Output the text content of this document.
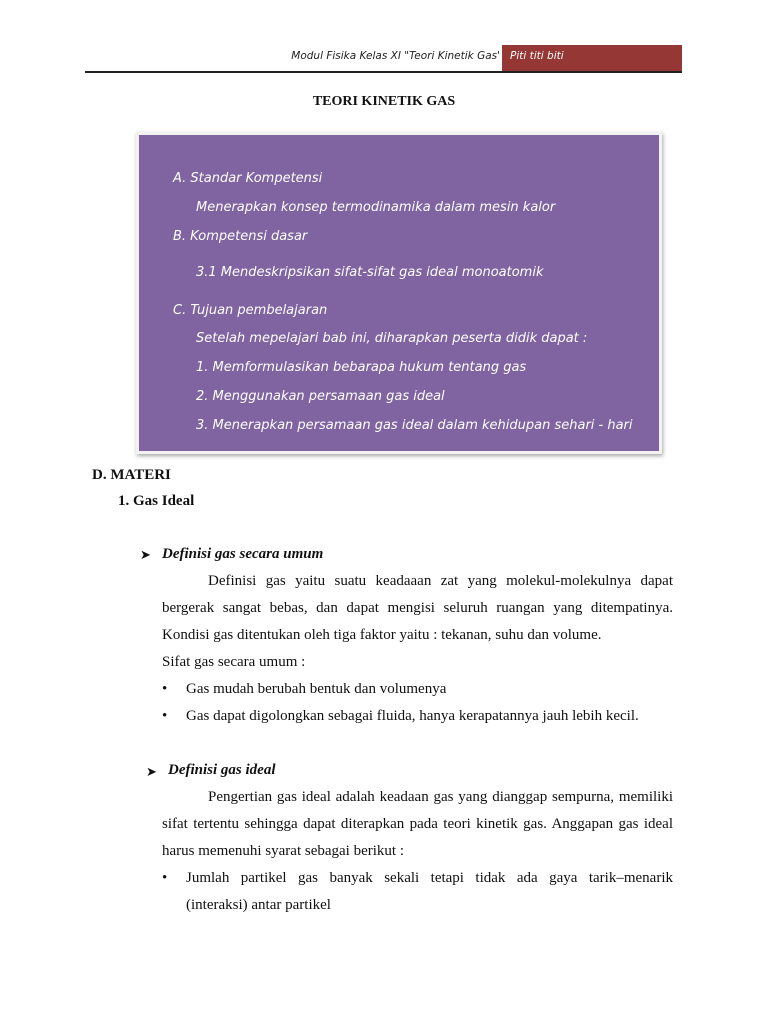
Modul Fisika Kelas XI "Teori Kinetik Gas' Piti titi biti
TEORI KINETIK GAS
A. Standar Kompetensi
Menerapkan konsep termodinamika dalam mesin kalor
B. Kompetensi dasar
3.1 Mendeskripsikan sifat-sifat gas ideal monoatomik
C. Tujuan pembelajaran
Setelah mepelajari bab ini, diharapkan peserta didik dapat :
1. Memformulasikan bebarapa hukum tentang gas
2. Menggunakan persamaan gas ideal
3. Menerapkan persamaan gas ideal dalam kehidupan sehari - hari
D. MATERI
1. Gas Ideal
➤ Definisi gas secara umum
Definisi gas yaitu suatu keadaaan zat yang molekul-molekulnya dapat bergerak sangat bebas, dan dapat mengisi seluruh ruangan yang ditempatinya. Kondisi gas ditentukan oleh tiga faktor yaitu : tekanan, suhu dan volume.
Sifat gas secara umum :
• Gas mudah berubah bentuk dan volumenya
• Gas dapat digolongkan sebagai fluida, hanya kerapatannya jauh lebih kecil.
➤ Definisi gas ideal
Pengertian gas ideal adalah keadaan gas yang dianggap sempurna, memiliki sifat tertentu sehingga dapat diterapkan pada teori kinetik gas. Anggapan gas ideal harus memenuhi syarat sebagai berikut :
• Jumlah partikel gas banyak sekali tetapi tidak ada gaya tarik–menarik
(interaksi) antar partikel
